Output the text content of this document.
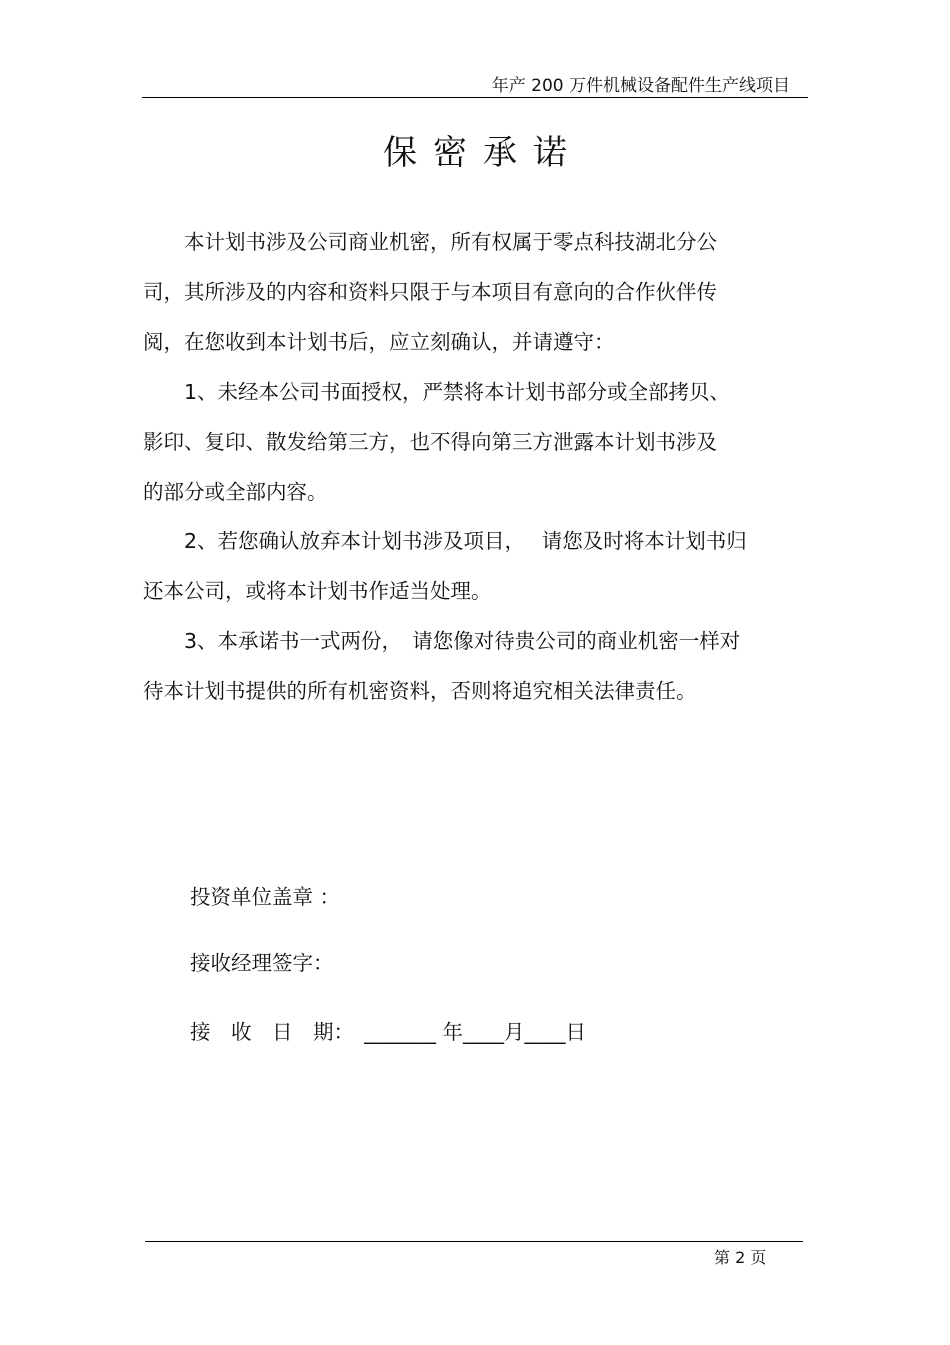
年产 200 万件机械设备配件生产线项目
保密承诺
　　本计划书涉及公司商业机密，所有权属于零点科技湖北分公
司，其所涉及的内容和资料只限于与本项目有意向的合作伙伴传
阅，在您收到本计划书后，应立刻确认，并请遵守：
　　1、未经本公司书面授权，严禁将本计划书部分或全部拷贝、
影印、复印、散发给第三方，也不得向第三方泄露本计划书涉及
的部分或全部内容。
　　2、若您确认放弃本计划书涉及项目，　 请您及时将本计划书归
还本公司，或将本计划书作适当处理。
　　3、本承诺书一式两份，　请您像对待贵公司的商业机密一样对
待本计划书提供的所有机密资料，否则将追究相关法律责任。
投资单位盖章 ：
接收经理签字：
接　收　日　期：　_______ 年____月____日
第 2 页
